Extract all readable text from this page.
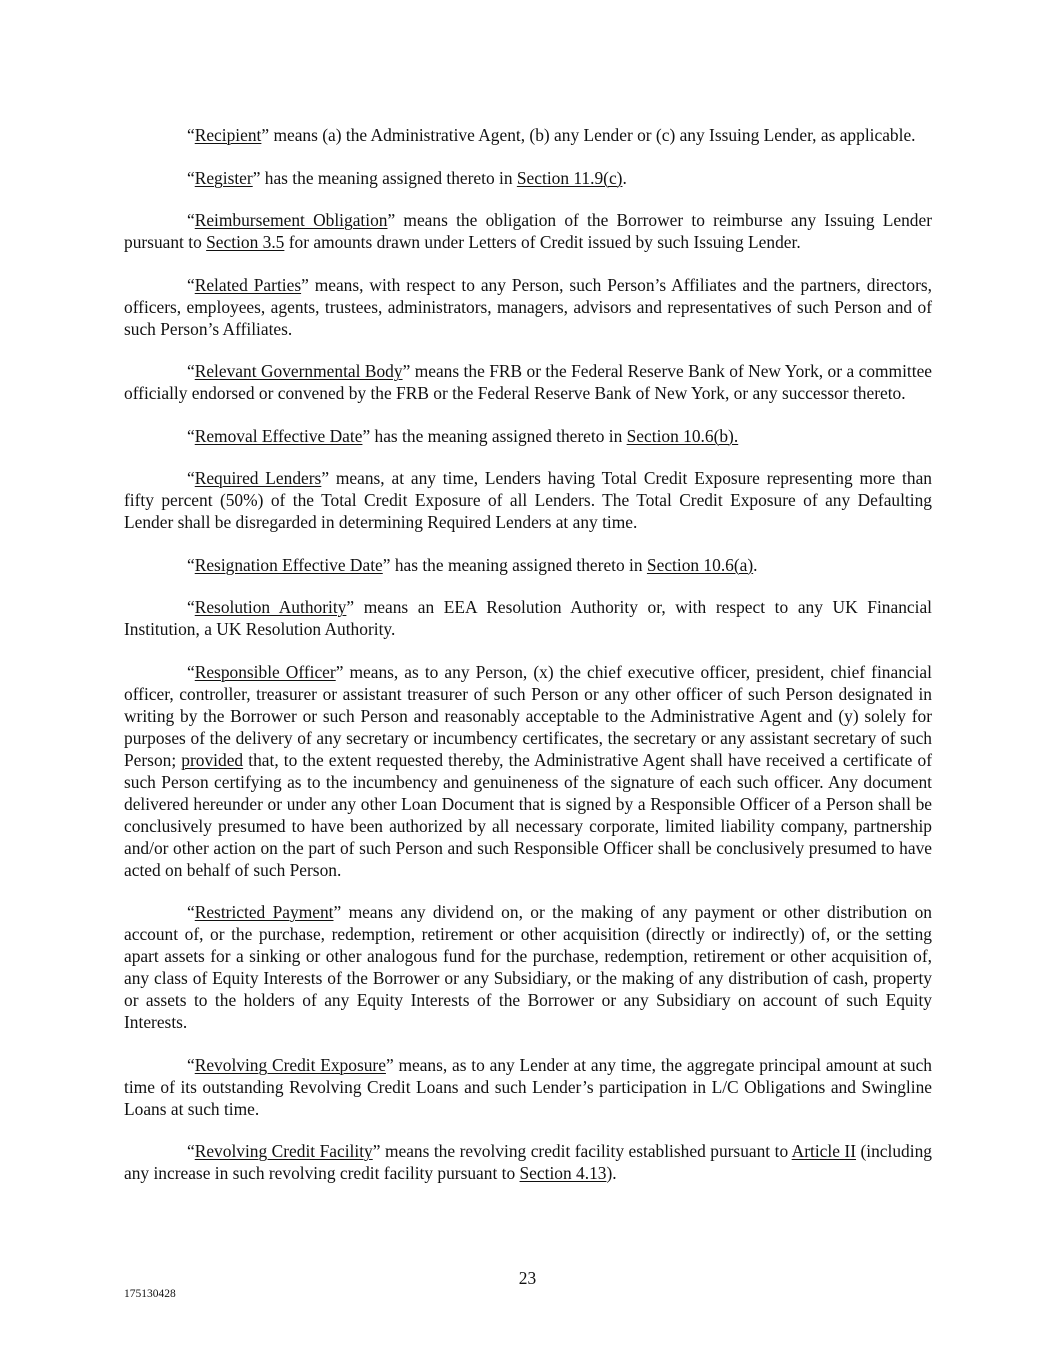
“Recipient” means (a) the Administrative Agent, (b) any Lender or (c) any Issuing Lender, as applicable.

“Register” has the meaning assigned thereto in Section 11.9(c).

“Reimbursement Obligation” means the obligation of the Borrower to reimburse any Issuing Lender pursuant to Section 3.5 for amounts drawn under Letters of Credit issued by such Issuing Lender.

“Related Parties” means, with respect to any Person, such Person’s Affiliates and the partners, directors, officers, employees, agents, trustees, administrators, managers, advisors and representatives of such Person and of such Person’s Affiliates.

“Relevant Governmental Body” means the FRB or the Federal Reserve Bank of New York, or a committee officially endorsed or convened by the FRB or the Federal Reserve Bank of New York, or any successor thereto.

“Removal Effective Date” has the meaning assigned thereto in Section 10.6(b).

“Required Lenders” means, at any time, Lenders having Total Credit Exposure representing more than fifty percent (50%) of the Total Credit Exposure of all Lenders. The Total Credit Exposure of any Defaulting Lender shall be disregarded in determining Required Lenders at any time.

“Resignation Effective Date” has the meaning assigned thereto in Section 10.6(a).

“Resolution Authority” means an EEA Resolution Authority or, with respect to any UK Financial Institution, a UK Resolution Authority.

“Responsible Officer” means, as to any Person, (x) the chief executive officer, president, chief financial officer, controller, treasurer or assistant treasurer of such Person or any other officer of such Person designated in writing by the Borrower or such Person and reasonably acceptable to the Administrative Agent and (y) solely for purposes of the delivery of any secretary or incumbency certificates, the secretary or any assistant secretary of such Person; provided that, to the extent requested thereby, the Administrative Agent shall have received a certificate of such Person certifying as to the incumbency and genuineness of the signature of each such officer. Any document delivered hereunder or under any other Loan Document that is signed by a Responsible Officer of a Person shall be conclusively presumed to have been authorized by all necessary corporate, limited liability company, partnership and/or other action on the part of such Person and such Responsible Officer shall be conclusively presumed to have acted on behalf of such Person.

“Restricted Payment” means any dividend on, or the making of any payment or other distribution on account of, or the purchase, redemption, retirement or other acquisition (directly or indirectly) of, or the setting apart assets for a sinking or other analogous fund for the purchase, redemption, retirement or other acquisition of, any class of Equity Interests of the Borrower or any Subsidiary, or the making of any distribution of cash, property or assets to the holders of any Equity Interests of the Borrower or any Subsidiary on account of such Equity Interests.

“Revolving Credit Exposure” means, as to any Lender at any time, the aggregate principal amount at such time of its outstanding Revolving Credit Loans and such Lender’s participation in L/C Obligations and Swingline Loans at such time.

“Revolving Credit Facility” means the revolving credit facility established pursuant to Article II (including any increase in such revolving credit facility pursuant to Section 4.13).

23
175130428
